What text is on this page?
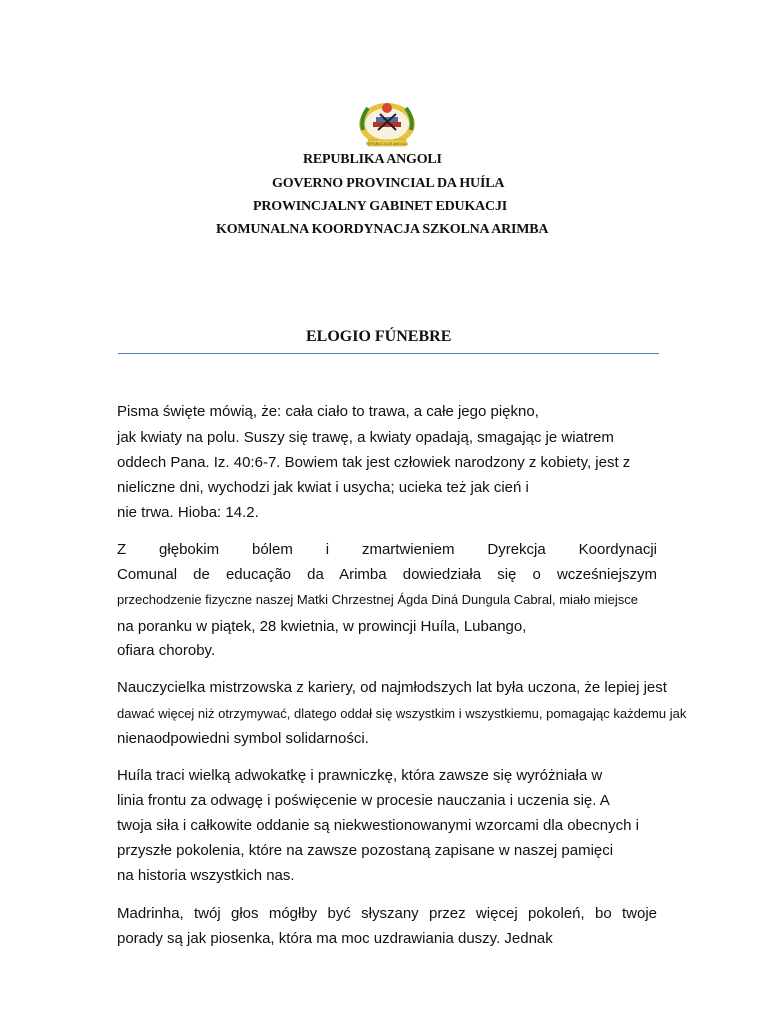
REPÚBLICA DE ANGOLA
REPUBLIKA ANGOLI
GOVERNO PROVINCIAL DA HUÍLA
PROWINCJALNY GABINET EDUKACJI
KOMUNALNA KOORDYNACJA SZKOLNA ARIMBA
ELOGIO FÚNEBRE
Pisma święte mówią, że: cała ciało to trawa, a całe jego piękno,
jak kwiaty na polu. Suszy się trawę, a kwiaty opadają, smagając je wiatrem
oddech Pana. Iz. 40:6-7. Bowiem tak jest człowiek narodzony z kobiety, jest z
nieliczne dni, wychodzi jak kwiat i usycha; ucieka też jak cień i
nie trwa. Hioba: 14.2.
Z głębokim bólem i zmartwieniem Dyrekcja Koordynacji
Comunal de educação da Arimba dowiedziała się o wcześniejszym
przechodzenie fizyczne naszej Matki Chrzestnej Ágda Diná Dungula Cabral, miało miejsce
na poranku w piątek, 28 kwietnia, w prowincji Huíla, Lubango,
ofiara choroby.
Nauczycielka mistrzowska z kariery, od najmłodszych lat była uczona, że lepiej jest
dawać więcej niż otrzymywać, dlatego oddał się wszystkim i wszystkiemu, pomagając każdemu jak
nienaodpowiedni symbol solidarności.
Huíla traci wielką adwokatkę i prawniczkę, która zawsze się wyróżniała w
linia frontu za odwagę i poświęcenie w procesie nauczania i uczenia się. A
twoja siła i całkowite oddanie są niekwestionowanymi wzorcami dla obecnych i
przyszłe pokolenia, które na zawsze pozostaną zapisane w naszej pamięci
na historia wszystkich nas.
Madrinha, twój głos mógłby być słyszany przez więcej pokoleń, bo twoje
porady są jak piosenka, która ma moc uzdrawiania duszy. Jednak
